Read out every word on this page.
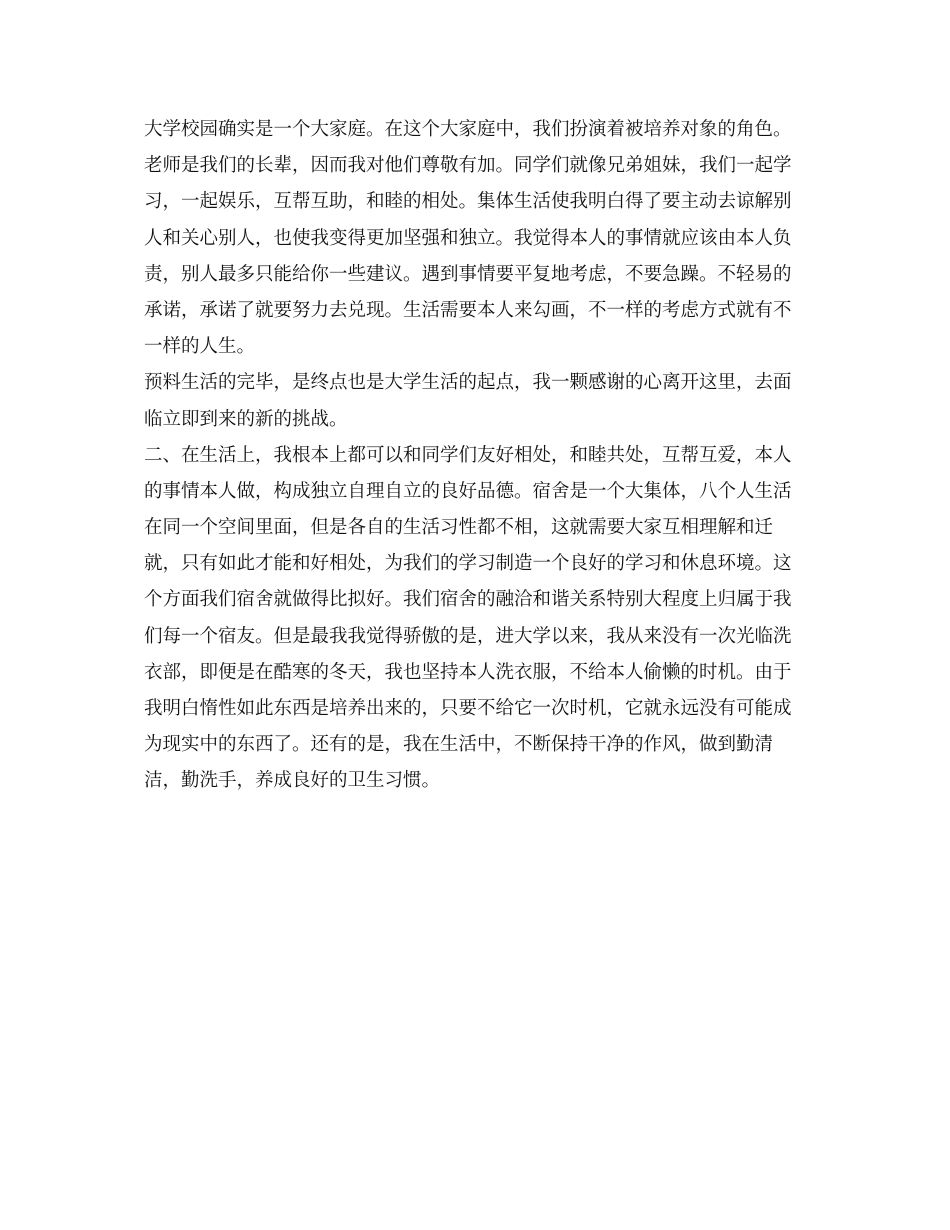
大学校园确实是一个大家庭。在这个大家庭中，我们扮演着被培养对象的角色。
老师是我们的长辈，因而我对他们尊敬有加。同学们就像兄弟姐妹，我们一起学
习，一起娱乐，互帮互助，和睦的相处。集体生活使我明白得了要主动去谅解别
人和关心别人，也使我变得更加坚强和独立。我觉得本人的事情就应该由本人负
责，别人最多只能给你一些建议。遇到事情要平复地考虑，不要急躁。不轻易的
承诺，承诺了就要努力去兑现。生活需要本人来勾画，不一样的考虑方式就有不
一样的人生。
预料生活的完毕，是终点也是大学生活的起点，我一颗感谢的心离开这里，去面
临立即到来的新的挑战。
二、在生活上，我根本上都可以和同学们友好相处，和睦共处，互帮互爱，本人
的事情本人做，构成独立自理自立的良好品德。宿舍是一个大集体，八个人生活
在同一个空间里面，但是各自的生活习性都不相，这就需要大家互相理解和迁
就，只有如此才能和好相处，为我们的学习制造一个良好的学习和休息环境。这
个方面我们宿舍就做得比拟好。我们宿舍的融洽和谐关系特别大程度上归属于我
们每一个宿友。但是最我我觉得骄傲的是，进大学以来，我从来没有一次光临洗
衣部，即便是在酷寒的冬天，我也坚持本人洗衣服，不给本人偷懒的时机。由于
我明白惰性如此东西是培养出来的，只要不给它一次时机，它就永远没有可能成
为现实中的东西了。还有的是，我在生活中，不断保持干净的作风，做到勤清
洁，勤洗手，养成良好的卫生习惯。
